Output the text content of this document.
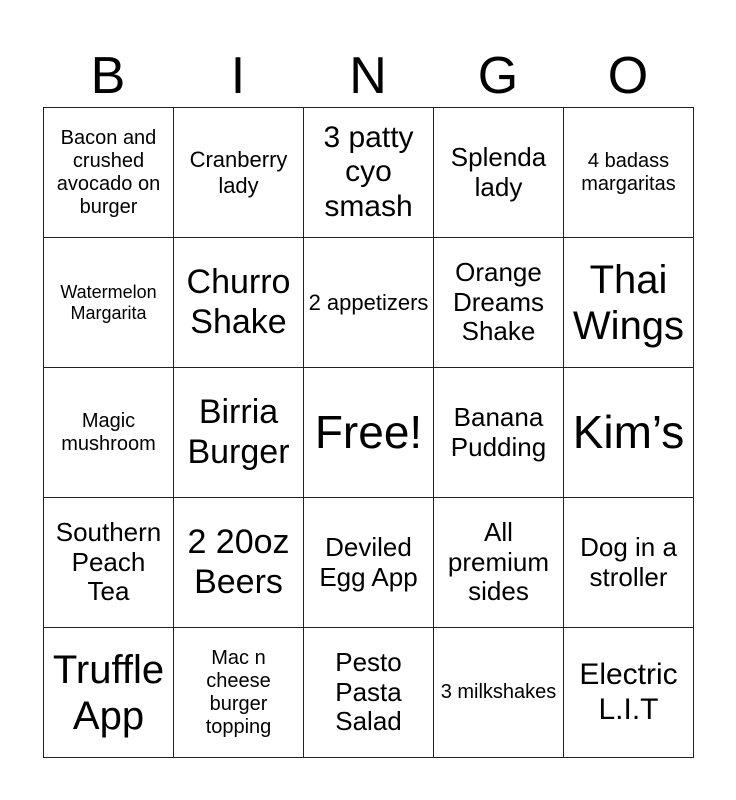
B	I	N	G	O
Bacon and crushed avocado on burger	Cranberry lady	3 patty cyo smash	Splenda lady	4 badass margaritas
Watermelon Margarita	Churro Shake	2 appetizers	Orange Dreams Shake	Thai Wings
Magic mushroom	Birria Burger	Free!	Banana Pudding	Kim’s
Southern Peach Tea	2 20oz Beers	Deviled Egg App	All premium sides	Dog in a stroller
Truffle App	Mac n cheese burger topping	Pesto Pasta Salad	3 milkshakes	Electric L.I.T
